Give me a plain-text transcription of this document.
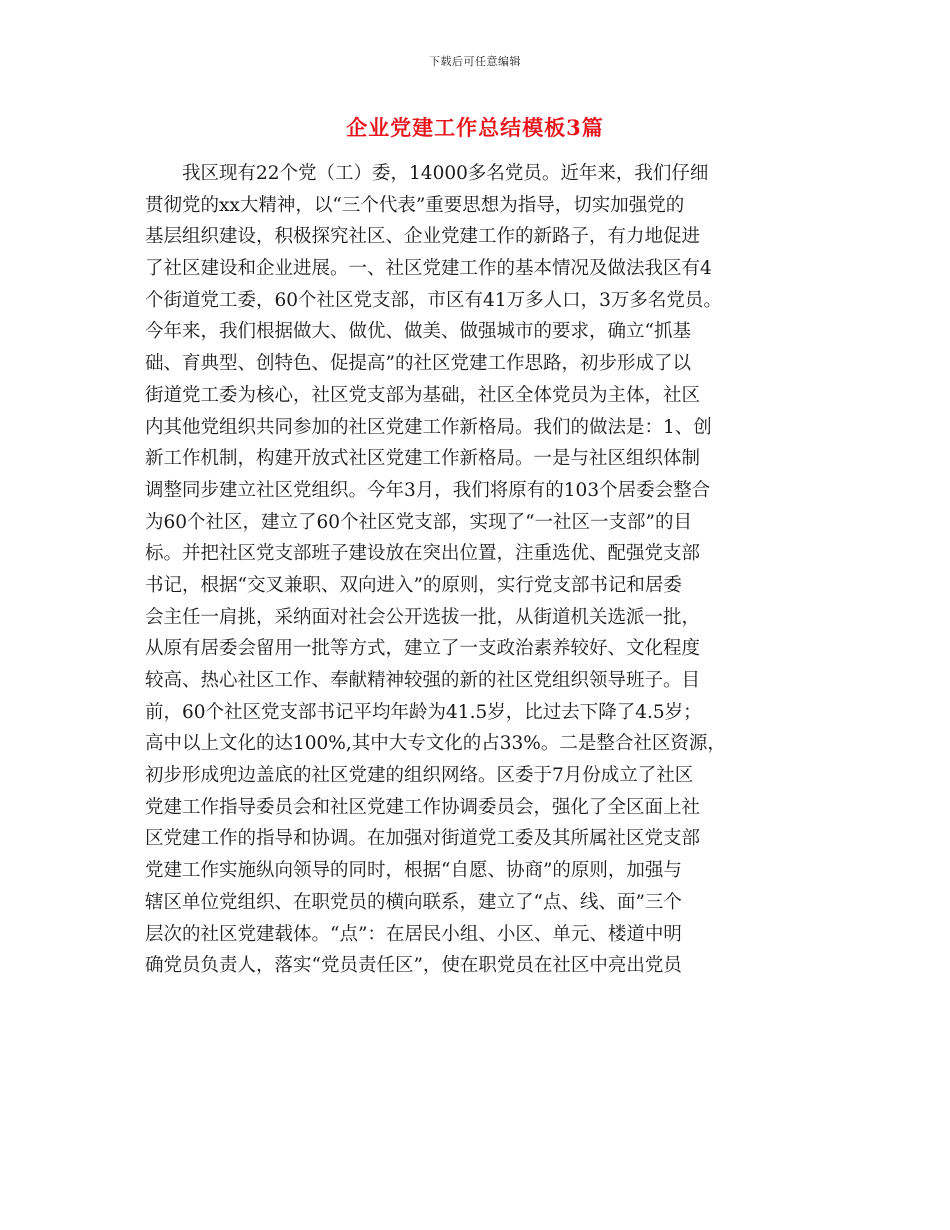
下载后可任意编辑
企业党建工作总结模板3篇
我区现有22个党（工）委，14000多名党员。近年来，我们仔细
贯彻党的xx大精神，以“三个代表”重要思想为指导，切实加强党的
基层组织建设，积极探究社区、企业党建工作的新路子，有力地促进
了社区建设和企业进展。一、社区党建工作的基本情况及做法我区有4
个街道党工委，60个社区党支部，市区有41万多人口，3万多名党员。
今年来，我们根据做大、做优、做美、做强城市的要求，确立“抓基
础、育典型、创特色、促提高”的社区党建工作思路，初步形成了以
街道党工委为核心，社区党支部为基础，社区全体党员为主体，社区
内其他党组织共同参加的社区党建工作新格局。我们的做法是：1、创
新工作机制，构建开放式社区党建工作新格局。一是与社区组织体制
调整同步建立社区党组织。今年3月，我们将原有的103个居委会整合
为60个社区，建立了60个社区党支部，实现了“一社区一支部”的目
标。并把社区党支部班子建设放在突出位置，注重选优、配强党支部
书记，根据“交叉兼职、双向进入”的原则，实行党支部书记和居委
会主任一肩挑，采纳面对社会公开选拔一批，从街道机关选派一批，
从原有居委会留用一批等方式，建立了一支政治素养较好、文化程度
较高、热心社区工作、奉献精神较强的新的社区党组织领导班子。目
前，60个社区党支部书记平均年龄为41.5岁，比过去下降了4.5岁；
高中以上文化的达100%,其中大专文化的占33%。二是整合社区资源，
初步形成兜边盖底的社区党建的组织网络。区委于7月份成立了社区
党建工作指导委员会和社区党建工作协调委员会，强化了全区面上社
区党建工作的指导和协调。在加强对街道党工委及其所属社区党支部
党建工作实施纵向领导的同时，根据“自愿、协商”的原则，加强与
辖区单位党组织、在职党员的横向联系，建立了“点、线、面”三个
层次的社区党建载体。“点”：在居民小组、小区、单元、楼道中明
确党员负责人，落实“党员责任区”，使在职党员在社区中亮出党员
